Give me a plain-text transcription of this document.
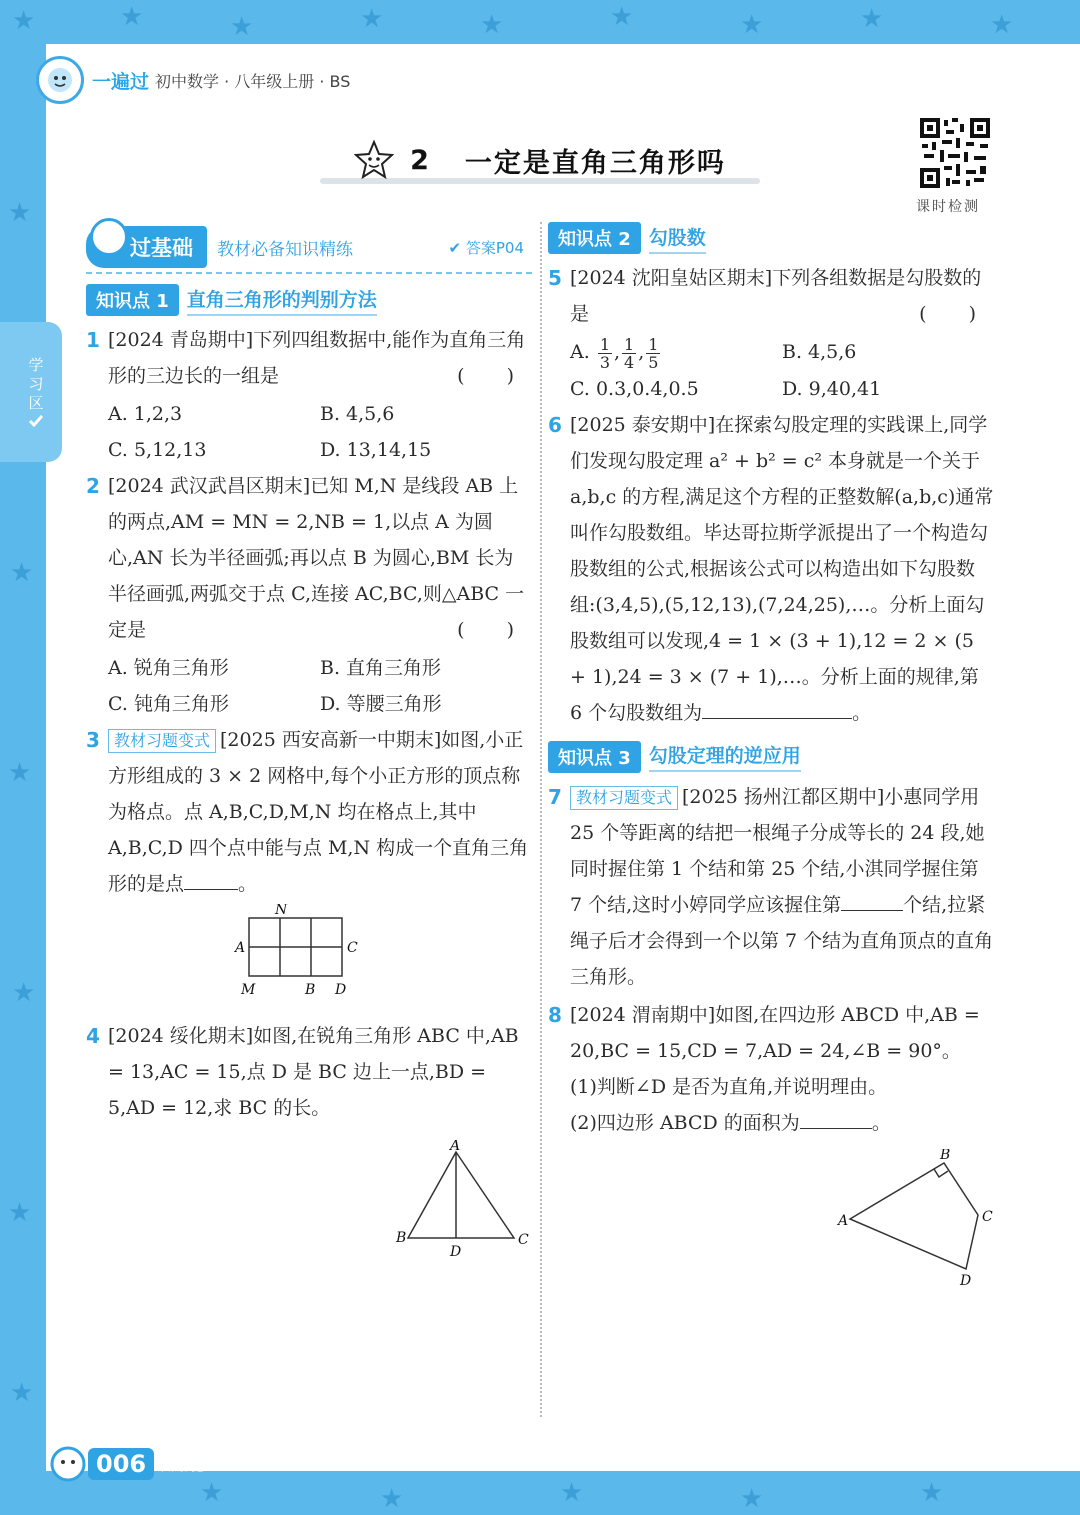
★	★	★	★	★	★	★	★	★
★
★
★
★
★
★
★	★	★	★	★
一遍过 初中数学 · 八年级上册 · BS
学习区
2 一定是直角三角形吗
课时检测
过基础	教材必备知识精练	✔ 答案P04
知识点 1 直角三角形的判别方法
1 [2024 青岛期中]下列四组数据中,能作为直角三角形的三边长的一组是	( )
A. 1,2,3	B. 4,5,6
C. 5,12,13	D. 13,14,15
2 [2024 武汉武昌区期末]已知 M,N 是线段 AB 上的两点,AM = MN = 2,NB = 1,以点 A 为圆心,AN 长为半径画弧;再以点 B 为圆心,BM 长为半径画弧,两弧交于点 C,连接 AC,BC,则△ABC 一定是	( )
A. 锐角三角形	B. 直角三角形
C. 钝角三角形	D. 等腰三角形
3 教材习题变式 [2025 西安高新一中期末]如图,小正方形组成的 3 × 2 网格中,每个小正方形的顶点称为格点。点 A,B,C,D,M,N 均在格点上,其中 A,B,C,D 四个点中能与点 M,N 构成一个直角三角形的是点	。
N
A	C
M	B D
4 [2024 绥化期末]如图,在锐角三角形 ABC 中,AB = 13,AC = 15,点 D 是 BC 边上一点,BD = 5,AD = 12,求 BC 的长。
A
B	C
D
知识点 2 勾股数
5 [2024 沈阳皇姑区期末]下列各组数据是勾股数的是	( )
A. $\frac{1}{3}$ , $\frac{1}{4}$ , $\frac{1}{5}$	B. 4,5,6
C. 0.3,0.4,0.5	D. 9,40,41
6 [2025 泰安期中]在探索勾股定理的实践课上,同学们发现勾股定理 a² + b² = c² 本身就是一个关于 a,b,c 的方程,满足这个方程的正整数解(a,b,c)通常叫作勾股数组。毕达哥拉斯学派提出了一个构造勾股数组的公式,根据该公式可以构造出如下勾股数组:(3,4,5),(5,12,13),(7,24,25),…。分析上面勾股数组可以发现,4 = 1 × (3 + 1),12 = 2 × (5 + 1),24 = 3 × (7 + 1),…。分析上面的规律,第 6 个勾股数组为	。
知识点 3 勾股定理的逆应用
7 教材习题变式 [2025 扬州江都区期中]小惠同学用 25 个等距离的结把一根绳子分成等长的 24 段,她同时握住第 1 个结和第 25 个结,小淇同学握住第 7 个结,这时小婷同学应该握住第	个结,拉紧绳子后才会得到一个以第 7 个结为直角顶点的直角三角形。
8 [2024 渭南期中]如图,在四边形 ABCD 中,AB = 20,BC = 15,CD = 7,AD = 24,∠B = 90°。
(1)判断∠D 是否为直角,并说明理由。
(2)四边形 ABCD 的面积为	。
A
B
C
D
006	上课认真听
下课练天是
